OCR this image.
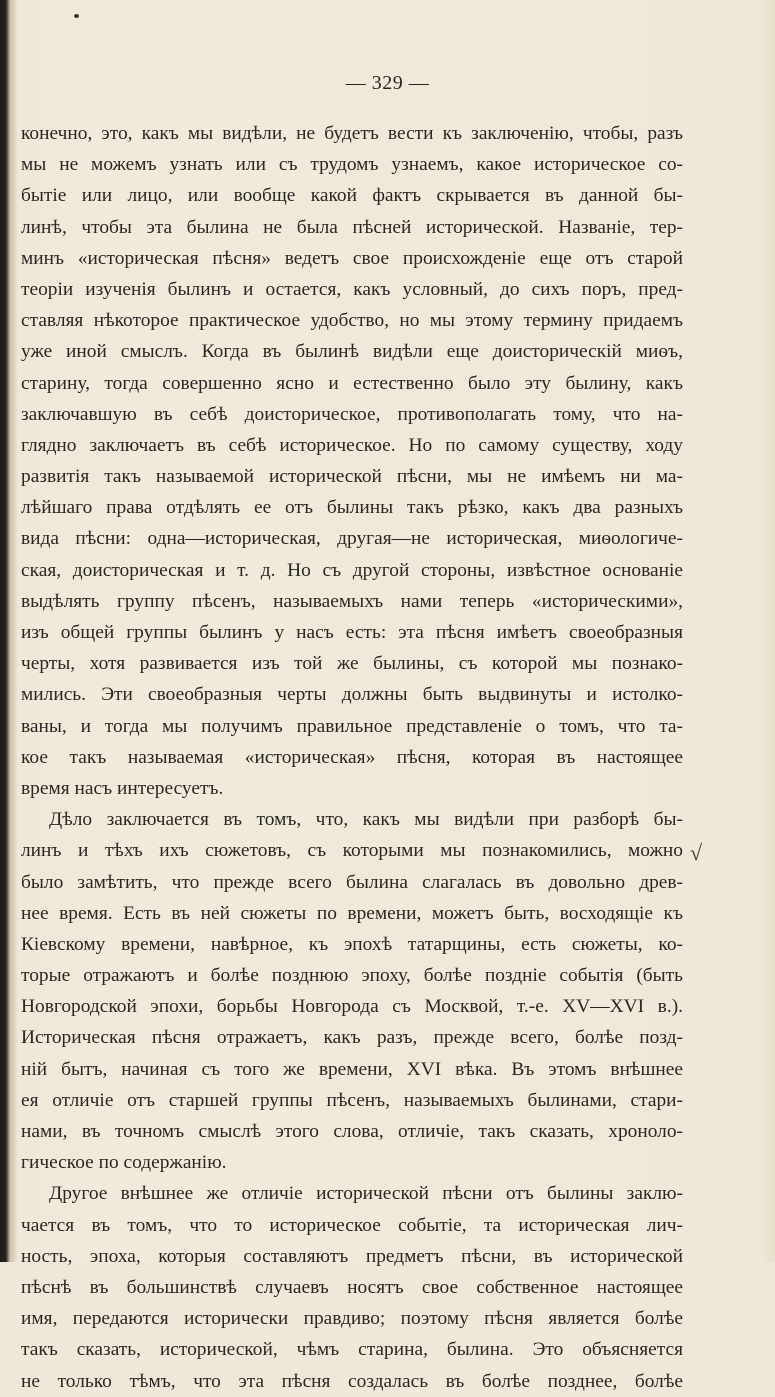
— 329 —
конечно, это, какъ мы видѣли, не будетъ вести къ заключенію, чтобы, разъ
мы не можемъ узнать или съ трудомъ узнаемъ, какое историческое со-
бытіе или лицо, или вообще какой фактъ скрывается въ данной бы-
линѣ, чтобы эта былина не была пѣсней исторической. Названіе, тер-
минъ «историческая пѣсня» ведетъ свое происхожденіе еще отъ старой
теоріи изученія былинъ и остается, какъ условный, до сихъ поръ, пред-
ставляя нѣкоторое практическое удобство, но мы этому термину придаемъ
уже иной смыслъ. Когда въ былинѣ видѣли еще доисторическій миѳъ,
старину, тогда совершенно ясно и естественно было эту былину, какъ
заключавшую въ себѣ доисторическое, противополагать тому, что на-
глядно заключаетъ въ себѣ историческое. Но по самому существу, ходу
развитія такъ называемой исторической пѣсни, мы не имѣемъ ни ма-
лѣйшаго права отдѣлять ее отъ былины такъ рѣзко, какъ два разныхъ
вида пѣсни: одна—историческая, другая—не историческая, миѳологиче-
ская, доисторическая и т. д. Но съ другой стороны, извѣстное основаніе
выдѣлять группу пѣсенъ, называемыхъ нами теперь «историческими»,
изъ общей группы былинъ у насъ есть: эта пѣсня имѣетъ своеобразныя
черты, хотя развивается изъ той же былины, съ которой мы познако-
мились. Эти своеобразныя черты должны быть выдвинуты и истолко-
ваны, и тогда мы получимъ правильное представленіе о томъ, что та-
кое такъ называемая «историческая» пѣсня, которая въ настоящее
время насъ интересуетъ.
Дѣло заключается въ томъ, что, какъ мы видѣли при разборѣ бы-
линъ и тѣхъ ихъ сюжетовъ, съ которыми мы познакомились, можно
было замѣтить, что прежде всего былина слагалась въ довольно древ-
нее время. Есть въ ней сюжеты по времени, можетъ быть, восходящіе къ
Кіевскому времени, навѣрное, къ эпохѣ татарщины, есть сюжеты, ко-
торые отражаютъ и болѣе позднюю эпоху, болѣе поздніе событія (быть
Новгородской эпохи, борьбы Новгорода съ Москвой, т.-е. XV—XVI в.).
Историческая пѣсня отражаетъ, какъ разъ, прежде всего, болѣе позд-
ній бытъ, начиная съ того же времени, XVI вѣка. Въ этомъ внѣшнее
ея отличіе отъ старшей группы пѣсенъ, называемыхъ былинами, стари-
нами, въ точномъ смыслѣ этого слова, отличіе, такъ сказать, хроноло-
гическое по содержанію.
Другое внѣшнее же отличіе исторической пѣсни отъ былины заклю-
чается въ томъ, что то историческое событіе, та историческая лич-
ность, эпоха, которыя составляютъ предметъ пѣсни, въ исторической
пѣснѣ въ большинствѣ случаевъ носятъ свое собственное настоящее
имя, передаются исторически правдиво; поэтому пѣсня является болѣе
такъ сказать, исторической, чѣмъ старина, былина. Это объясняется
не только тѣмъ, что эта пѣсня создалась въ болѣе позднее, болѣе
√
